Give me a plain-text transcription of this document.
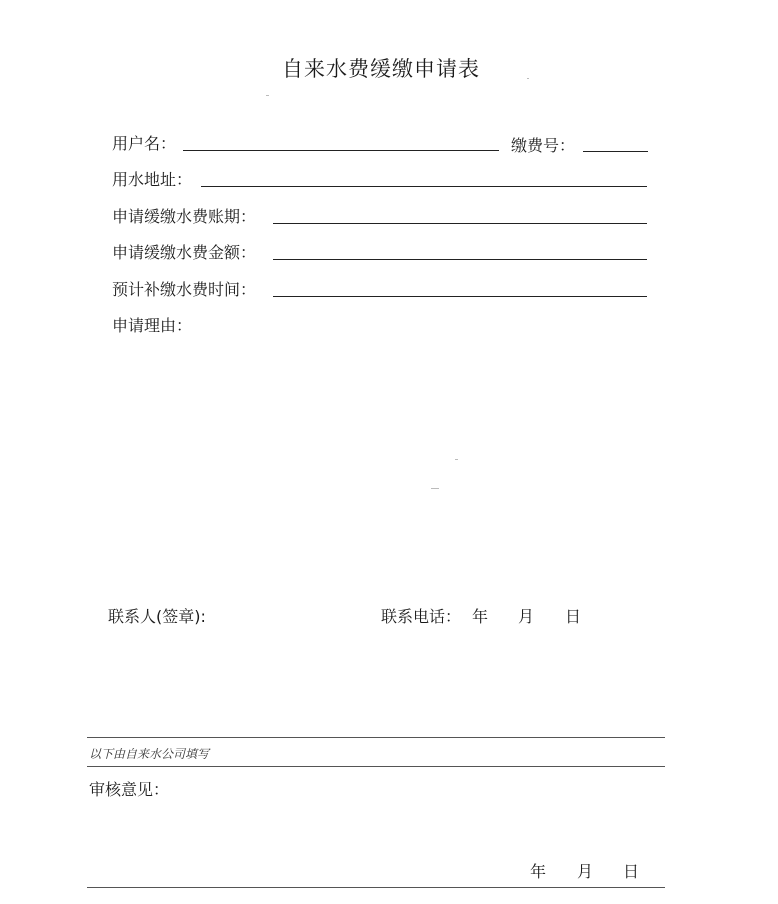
自来水费缓缴申请表
用户名：	缴费号：
用水地址：
申请缓缴水费账期：
申请缓缴水费金额：
预计补缴水费时间：
申请理由：
联系人(签章):	联系电话： 年 月 日
以下由自来水公司填写
审核意见：
年 月 日
